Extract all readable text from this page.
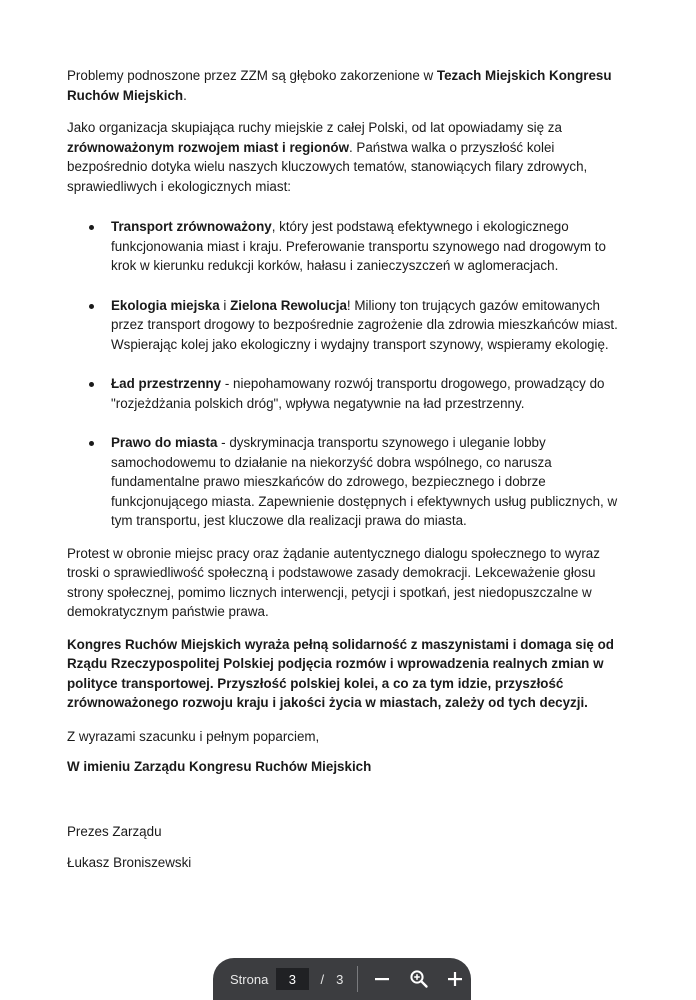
Problemy podnoszone przez ZZM są głęboko zakorzenione w Tezach Miejskich Kongresu Ruchów Miejskich.

Jako organizacja skupiająca ruchy miejskie z całej Polski, od lat opowiadamy się za zrównoważonym rozwojem miast i regionów. Państwa walka o przyszłość kolei bezpośrednio dotyka wielu naszych kluczowych tematów, stanowiących filary zdrowych, sprawiedliwych i ekologicznych miast:

Transport zrównoważony, który jest podstawą efektywnego i ekologicznego funkcjonowania miast i kraju. Preferowanie transportu szynowego nad drogowym to krok w kierunku redukcji korków, hałasu i zanieczyszczeń w aglomeracjach.
Ekologia miejska i Zielona Rewolucja! Miliony ton trujących gazów emitowanych przez transport drogowy to bezpośrednie zagrożenie dla zdrowia mieszkańców miast. Wspierając kolej jako ekologiczny i wydajny transport szynowy, wspieramy ekologię.
Ład przestrzenny - niepohamowany rozwój transportu drogowego, prowadzący do "rozjeżdżania polskich dróg", wpływa negatywnie na ład przestrzenny.
Prawo do miasta - dyskryminacja transportu szynowego i uleganie lobby samochodowemu to działanie na niekorzyść dobra wspólnego, co narusza fundamentalne prawo mieszkańców do zdrowego, bezpiecznego i dobrze funkcjonującego miasta. Zapewnienie dostępnych i efektywnych usług publicznych, w tym transportu, jest kluczowe dla realizacji prawa do miasta.

Protest w obronie miejsc pracy oraz żądanie autentycznego dialogu społecznego to wyraz troski o sprawiedliwość społeczną i podstawowe zasady demokracji. Lekceważenie głosu strony społecznej, pomimo licznych interwencji, petycji i spotkań, jest niedopuszczalne w demokratycznym państwie prawa.

Kongres Ruchów Miejskich wyraża pełną solidarność z maszynistami i domaga się od Rządu Rzeczypospolitej Polskiej podjęcia rozmów i wprowadzenia realnych zmian w polityce transportowej. Przyszłość polskiej kolei, a co za tym idzie, przyszłość zrównoważonego rozwoju kraju i jakości życia w miastach, zależy od tych decyzji.

Z wyrazami szacunku i pełnym poparciem,
W imieniu Zarządu Kongresu Ruchów Miejskich
Prezes Zarządu
Łukasz Broniszewski
Strona	3	/ 3
